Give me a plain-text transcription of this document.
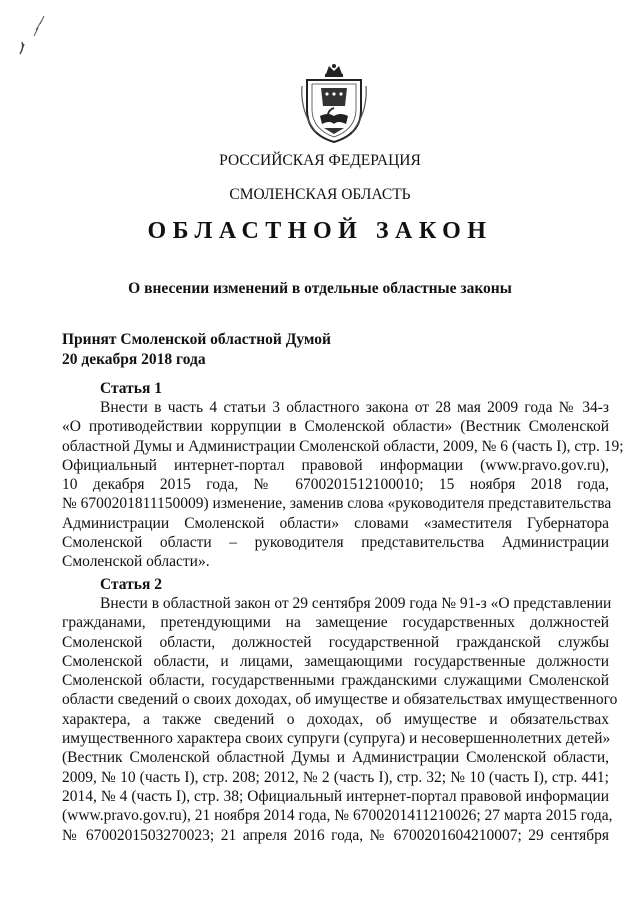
РОССИЙСКАЯ ФЕДЕРАЦИЯ
СМОЛЕНСКАЯ ОБЛАСТЬ
ОБЛАСТНОЙ ЗАКОН
О внесении изменений в отдельные областные законы
Принят Смоленской областной Думой
20 декабря 2018 года
Статья 1
Внести в часть 4 статьи 3 областного закона от 28 мая 2009 года № 34-з
«О противодействии коррупции в Смоленской области» (Вестник Смоленской
областной Думы и Администрации Смоленской области, 2009, № 6 (часть I), стр. 19;
Официальный интернет-портал правовой информации (www.pravo.gov.ru),
10 декабря 2015 года, № 6700201512100010; 15 ноября 2018 года,
№ 6700201811150009) изменение, заменив слова «руководителя представительства
Администрации Смоленской области» словами «заместителя Губернатора
Смоленской области – руководителя представительства Администрации
Смоленской области».
Статья 2
Внести в областной закон от 29 сентября 2009 года № 91-з «О представлении
гражданами, претендующими на замещение государственных должностей
Смоленской области, должностей государственной гражданской службы
Смоленской области, и лицами, замещающими государственные должности
Смоленской области, государственными гражданскими служащими Смоленской
области сведений о своих доходах, об имуществе и обязательствах имущественного
характера, а также сведений о доходах, об имуществе и обязательствах
имущественного характера своих супруги (супруга) и несовершеннолетних детей»
(Вестник Смоленской областной Думы и Администрации Смоленской области,
2009, № 10 (часть I), стр. 208; 2012, № 2 (часть I), стр. 32; № 10 (часть I), стр. 441;
2014, № 4 (часть I), стр. 38; Официальный интернет-портал правовой информации
(www.pravo.gov.ru), 21 ноября 2014 года, № 6700201411210026; 27 марта 2015 года,
№ 6700201503270023; 21 апреля 2016 года, № 6700201604210007; 29 сентября
